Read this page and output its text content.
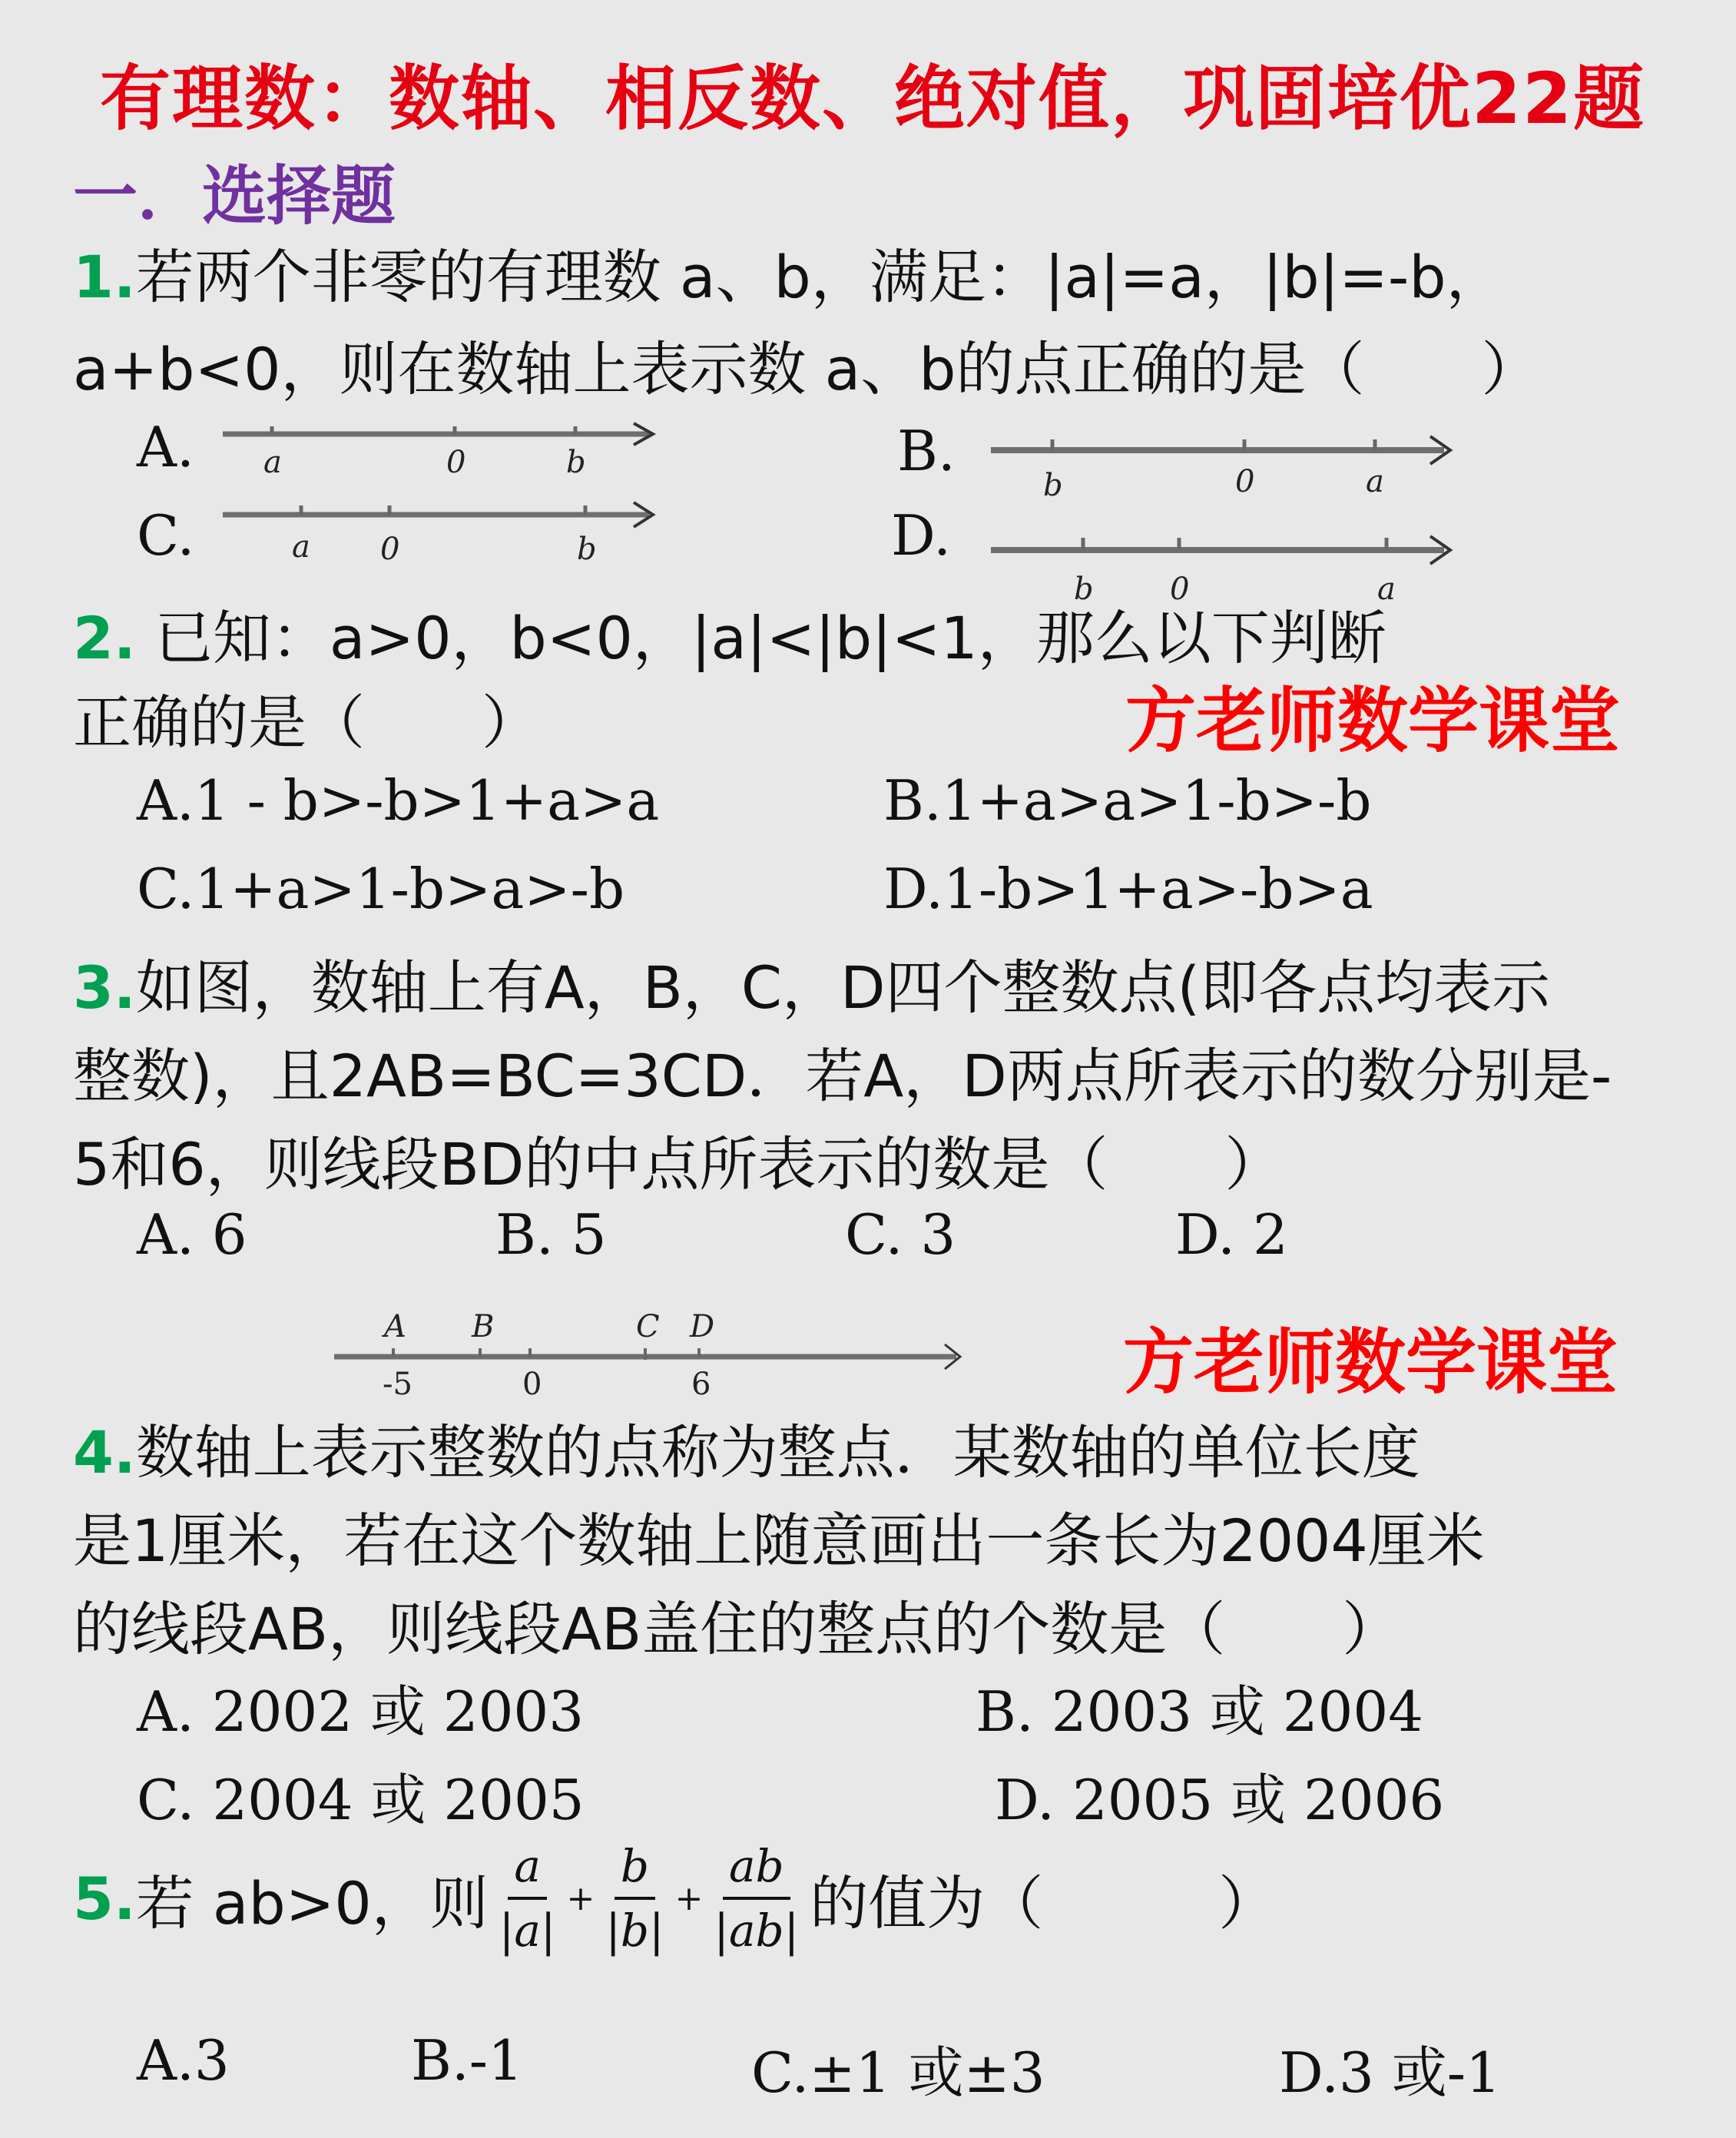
有理数：数轴、相反数、绝对值，巩固培优22题
一．选择题
1.若两个非零的有理数 a、b，满足：|a|=a，|b|=-b，
a+b<0，则在数轴上表示数 a、b的点正确的是（　　）
A. a	0	b
C.	a 0	b
B.
b	0	a
D.
b 0	a
2. 已知：a>0，b<0，|a|<|b|<1，那么以下判断
正确的是（　　）	方老师数学课堂
A.1 - b>-b>1+a>a	B.1+a>a>1-b>-b
C.1+a>1-b>a>-b	D.1-b>1+a>-b>a
3.如图，数轴上有A，B，C，D四个整数点(即各点均表示
整数)，且2AB=BC=3CD．若A，D两点所表示的数分别是-
5和6，则线段BD的中点所表示的数是（　　）
A. 6	B. 5	C. 3	D. 2
A B	C D
-5	0	6	方老师数学课堂
4.数轴上表示整数的点称为整点．某数轴的单位长度
是1厘米，若在这个数轴上随意画出一条长为2004厘米
的线段AB，则线段AB盖住的整点的个数是（　　）
A. 2002 或 2003	B. 2003 或 2004
C. 2004 或 2005	D. 2005 或 2006
5. 若 ab>0，则 $\frac{a}{|a|} + \frac{b}{|b|} + \frac{ab}{|ab|}$ 的值为（　　　）
A.3	B.-1	C.±1 或±3	D.3 或-1
